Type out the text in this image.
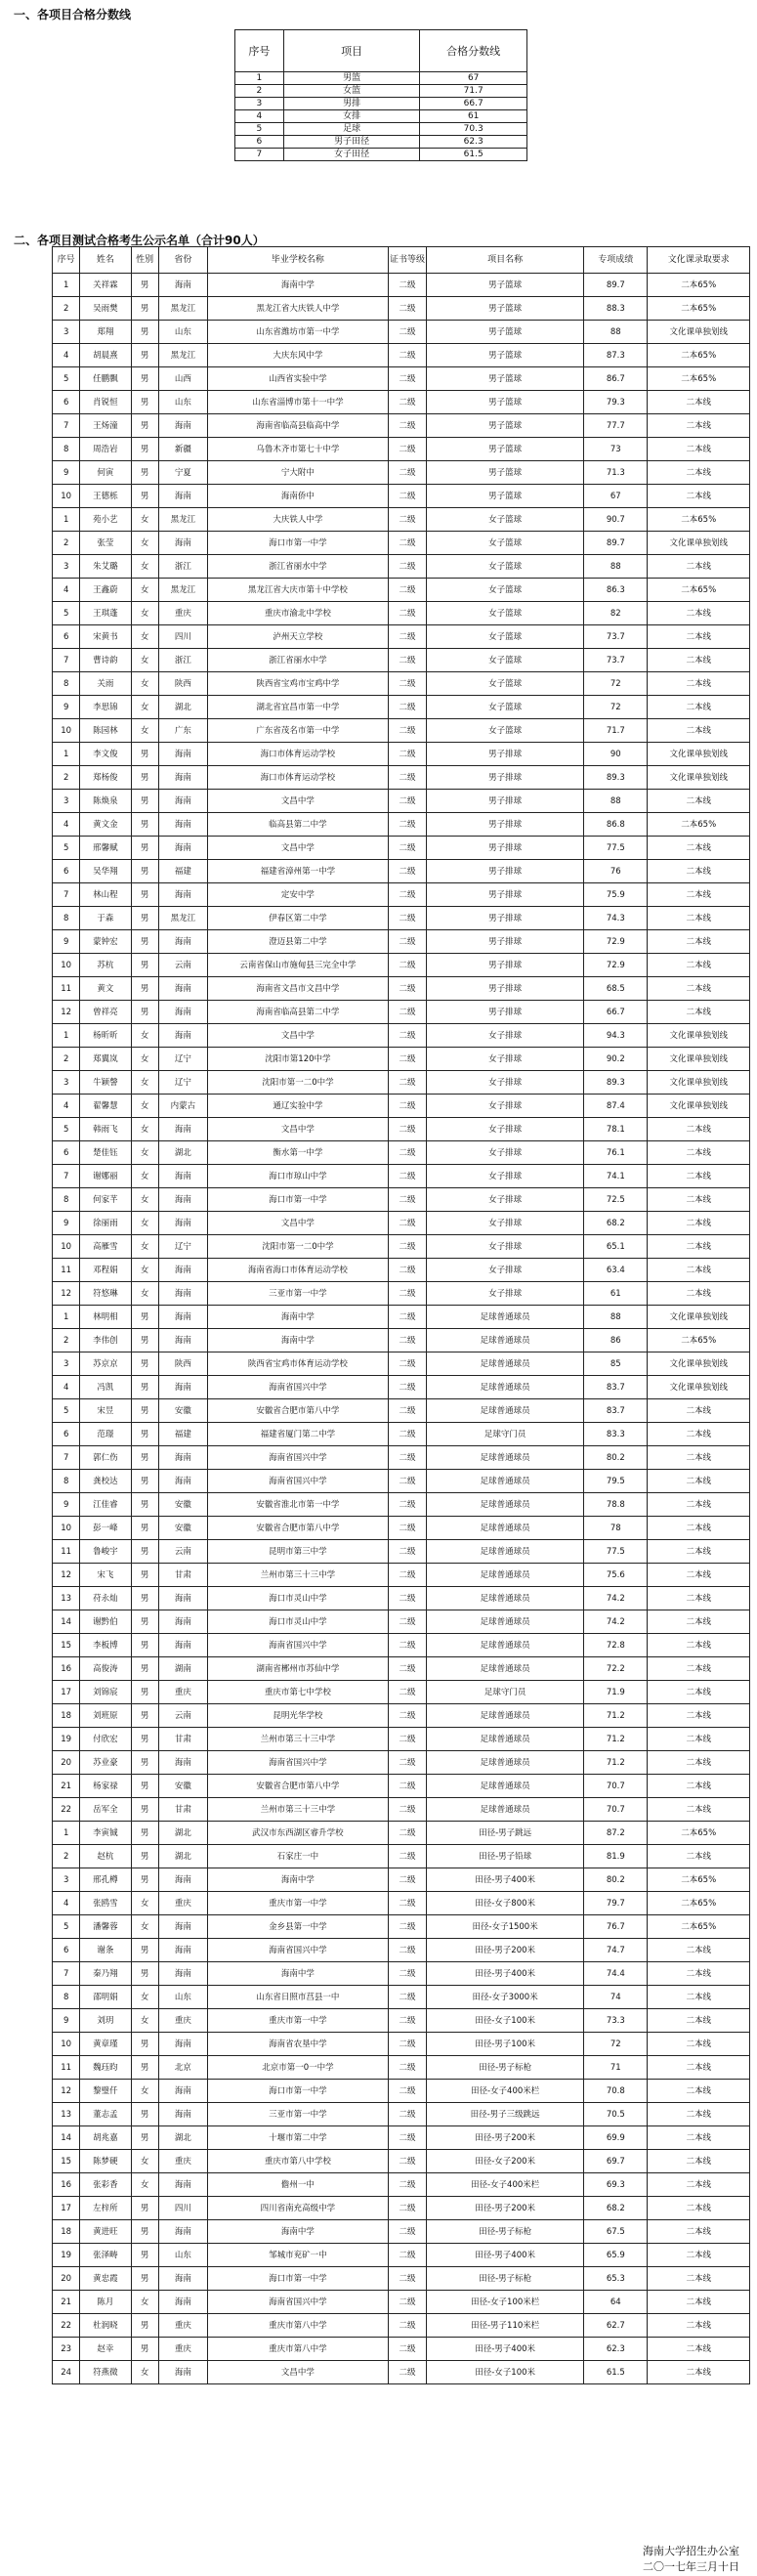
一、各项目合格分数线
序号	项目	合格分数线
1	男篮	67
2	女篮	71.7
3	男排	66.7
4	女排	61
5	足球	70.3
6	男子田径	62.3
7	女子田径	61.5
二、各项目测试合格考生公示名单（合计90人）
序号	姓名	性别	省份	毕业学校名称	证书等级	项目名称	专项成绩	文化课录取要求
1	关祥霖	男	海南	海南中学	二级	男子篮球	89.7	二本65%
2	吴雨樊	男	黑龙江	黑龙江省大庆铁人中学	二级	男子篮球	88.3	二本65%
3	郑翔	男	山东	山东省潍坊市第一中学	二级	男子篮球	88	文化课单独划线
4	胡晨熹	男	黑龙江	大庆东风中学	二级	男子篮球	87.3	二本65%
5	任鹏飘	男	山西	山西省实验中学	二级	男子篮球	86.7	二本65%
6	肖锐恒	男	山东	山东省淄博市第十一中学	二级	男子篮球	79.3	二本线
7	王炀潼	男	海南	海南省临高县临高中学	二级	男子篮球	77.7	二本线
8	周浩岩	男	新疆	乌鲁木齐市第七十中学	二级	男子篮球	73	二本线
9	何寅	男	宁夏	宁大附中	二级	男子篮球	71.3	二本线
10	王德栎	男	海南	海南侨中	二级	男子篮球	67	二本线
1	苑小艺	女	黑龙江	大庆铁人中学	二级	女子篮球	90.7	二本65%
2	张莹	女	海南	海口市第一中学	二级	女子篮球	89.7	文化课单独划线
3	朱艾璐	女	浙江	浙江省丽水中学	二级	女子篮球	88	二本线
4	王鑫蔚	女	黑龙江	黑龙江省大庆市第十中学校	二级	女子篮球	86.3	二本65%
5	王琪蓬	女	重庆	重庆市渝北中学校	二级	女子篮球	82	二本线
6	宋黄书	女	四川	泸州天立学校	二级	女子篮球	73.7	二本线
7	曹诗韵	女	浙江	浙江省丽水中学	二级	女子篮球	73.7	二本线
8	关雨	女	陕西	陕西省宝鸡市宝鸡中学	二级	女子篮球	72	二本线
9	李思锦	女	湖北	湖北省宜昌市第一中学	二级	女子篮球	72	二本线
10	陈园林	女	广东	广东省茂名市第一中学	二级	女子篮球	71.7	二本线
1	李文俊	男	海南	海口市体育运动学校	二级	男子排球	90	文化课单独划线
2	郑杨俊	男	海南	海口市体育运动学校	二级	男子排球	89.3	文化课单独划线
3	陈焕泉	男	海南	文昌中学	二级	男子排球	88	二本线
4	黄文金	男	海南	临高县第二中学	二级	男子排球	86.8	二本65%
5	邢馨赋	男	海南	文昌中学	二级	男子排球	77.5	二本线
6	吴华翔	男	福建	福建省漳州第一中学	二级	男子排球	76	二本线
7	林山程	男	海南	定安中学	二级	男子排球	75.9	二本线
8	于森	男	黑龙江	伊春区第二中学	二级	男子排球	74.3	二本线
9	蒙钟宏	男	海南	澄迈县第二中学	二级	男子排球	72.9	二本线
10	苏杭	男	云南	云南省保山市施甸县三完全中学	二级	男子排球	72.9	二本线
11	黄文	男	海南	海南省文昌市文昌中学	二级	男子排球	68.5	二本线
12	曾祥亮	男	海南	海南省临高县第二中学	二级	男子排球	66.7	二本线
1	杨昕昕	女	海南	文昌中学	二级	女子排球	94.3	文化课单独划线
2	郑翼岚	女	辽宁	沈阳市第120中学	二级	女子排球	90.2	文化课单独划线
3	牛颖謦	女	辽宁	沈阳市第一二0中学	二级	女子排球	89.3	文化课单独划线
4	翟馨慧	女	内蒙古	通辽实验中学	二级	女子排球	87.4	文化课单独划线
5	韩雨飞	女	海南	文昌中学	二级	女子排球	78.1	二本线
6	楚佳钰	女	湖北	衡水第一中学	二级	女子排球	76.1	二本线
7	谢娜丽	女	海南	海口市琼山中学	二级	女子排球	74.1	二本线
8	何家芊	女	海南	海口市第一中学	二级	女子排球	72.5	二本线
9	徐丽雨	女	海南	文昌中学	二级	女子排球	68.2	二本线
10	高雁雪	女	辽宁	沈阳市第一二0中学	二级	女子排球	65.1	二本线
11	邓程娟	女	海南	海南省海口市体育运动学校	二级	女子排球	63.4	二本线
12	符悠琳	女	海南	三亚市第一中学	二级	女子排球	61	二本线
1	林明相	男	海南	海南中学	二级	足球普通球员	88	文化课单独划线
2	李伟创	男	海南	海南中学	二级	足球普通球员	86	二本65%
3	苏京京	男	陕西	陕西省宝鸡市体育运动学校	二级	足球普通球员	85	文化课单独划线
4	冯凯	男	海南	海南省国兴中学	二级	足球普通球员	83.7	文化课单独划线
5	宋昱	男	安徽	安徽省合肥市第八中学	二级	足球普通球员	83.7	二本线
6	范璟	男	福建	福建省厦门第二中学	二级	足球守门员	83.3	二本线
7	郭仁伤	男	海南	海南省国兴中学	二级	足球普通球员	80.2	二本线
8	龚校达	男	海南	海南省国兴中学	二级	足球普通球员	79.5	二本线
9	江佳睿	男	安徽	安徽省淮北市第一中学	二级	足球普通球员	78.8	二本线
10	彭一峰	男	安徽	安徽省合肥市第八中学	二级	足球普通球员	78	二本线
11	鲁峻宇	男	云南	昆明市第三中学	二级	足球普通球员	77.5	二本线
12	宋飞	男	甘肃	兰州市第三十三中学	二级	足球普通球员	75.6	二本线
13	苻永灿	男	海南	海口市灵山中学	二级	足球普通球员	74.2	二本线
14	谢黔伯	男	海南	海口市灵山中学	二级	足球普通球员	74.2	二本线
15	李板博	男	海南	海南省国兴中学	二级	足球普通球员	72.8	二本线
16	高俊涛	男	湖南	湖南省郴州市苏仙中学	二级	足球普通球员	72.2	二本线
17	刘锦宸	男	重庆	重庆市第七中学校	二级	足球守门员	71.9	二本线
18	刘班原	男	云南	昆明光华学校	二级	足球普通球员	71.2	二本线
19	付欣宏	男	甘肃	兰州市第三十三中学	二级	足球普通球员	71.2	二本线
20	苏业豪	男	海南	海南省国兴中学	二级	足球普通球员	71.2	二本线
21	杨家禄	男	安徽	安徽省合肥市第八中学	二级	足球普通球员	70.7	二本线
22	岳军全	男	甘肃	兰州市第三十三中学	二级	足球普通球员	70.7	二本线
1	李寅铖	男	湖北	武汉市东西湖区睿升学校	二级	田径-男子跳远	87.2	二本65%
2	赵杭	男	湖北	石家庄一中	二级	田径-男子铅球	81.9	二本线
3	邢孔樽	男	海南	海南中学	二级	田径-男子400米	80.2	二本65%
4	张鸥雪	女	重庆	重庆市第一中学	二级	田径-女子800米	79.7	二本65%
5	潘馨蓉	女	海南	金乡县第一中学	二级	田径-女子1500米	76.7	二本65%
6	谢条	男	海南	海南省国兴中学	二级	田径-男子200米	74.7	二本线
7	秦乃翔	男	海南	海南中学	二级	田径-男子400米	74.4	二本线
8	邵明娟	女	山东	山东省日照市莒县一中	二级	田径-女子3000米	74	二本线
9	刘玥	女	重庆	重庆市第一中学	二级	田径-女子100米	73.3	二本线
10	黄章瑾	男	海南	海南省农垦中学	二级	田径-男子100米	72	二本线
11	魏珏昀	男	北京	北京市第一0一中学	二级	田径-男子标枪	71	二本线
12	黎璧仟	女	海南	海口市第一中学	二级	田径-女子400米栏	70.8	二本线
13	董志孟	男	海南	三亚市第一中学	二级	田径-男子三级跳远	70.5	二本线
14	胡兆嘉	男	湖北	十堰市第二中学	二级	田径-男子200米	69.9	二本线
15	陈梦硬	女	重庆	重庆市第八中学校	二级	田径-女子200米	69.7	二本线
16	张彩香	女	海南	儋州一中	二级	田径-女子400米栏	69.3	二本线
17	左梓所	男	四川	四川省南充高级中学	二级	田径-男子200米	68.2	二本线
18	黄进旺	男	海南	海南中学	二级	田径-男子标枪	67.5	二本线
19	张泽畴	男	山东	邹城市兖矿一中	二级	田径-男子400米	65.9	二本线
20	黄忠霞	男	海南	海口市第一中学	二级	田径-男子标枪	65.3	二本线
21	陈月	女	海南	海南省国兴中学	二级	田径-女子100米栏	64	二本线
22	杜润晓	男	重庆	重庆市第八中学	二级	田径-男子110米栏	62.7	二本线
23	赵幸	男	重庆	重庆市第八中学	二级	田径-男子400米	62.3	二本线
24	符燕微	女	海南	文昌中学	二级	田径-女子100米	61.5	二本线
海南大学招生办公室
二〇一七年三月十日
